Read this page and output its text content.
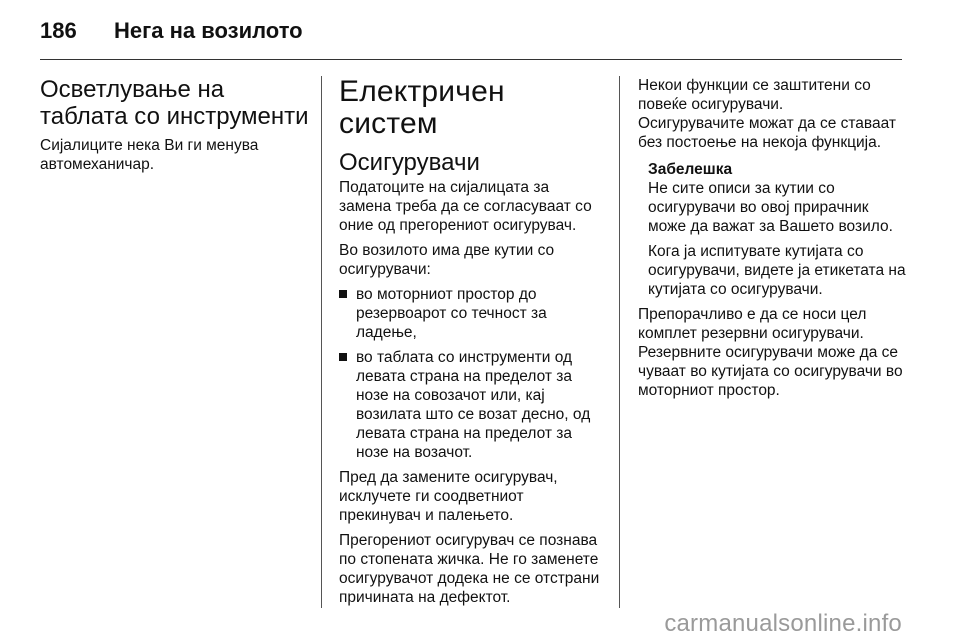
186	Нега на возилото
Осветлување на таблата со инструменти

Сијалиците нека Ви ги менува автомеханичар.

Електричен систем
Осигурувачи

Податоците на сијалицата за замена треба да се согласуваат со оние од прегорениот осигурувач.

Во возилото има две кутии со осигурувачи:

во моторниот простор до резервоарот со течност за ладење,
во таблата со инструменти од левата страна на пределот за нозе на совозачот или, кај возилата што се возат десно, од левата страна на пределот за нозе на возачот.

Пред да замените осигурувач, исклучете ги соодветниот прекинувач и палењето.

Прегорениот осигурувач се познава по стопената жичка. Не го заменете осигурувачот додека не се отстрани причината на дефектот.

Некои функции се заштитени со повеќе осигурувачи.

Осигурувачите можат да се ставаат без постоење на некоја функција.

Забелешка

Не сите описи за кутии со осигурувачи во овој прирачник може да важат за Вашето возило.

Кога ја испитувате кутијата со осигурувачи, видете ја етикетата на кутијата со осигурувачи.

Препорачливо е да се носи цел комплет резервни осигурувачи. Резервните осигурувачи може да се чуваат во кутијата со осигурувачи во моторниот простор.

carmanualsonline.info
